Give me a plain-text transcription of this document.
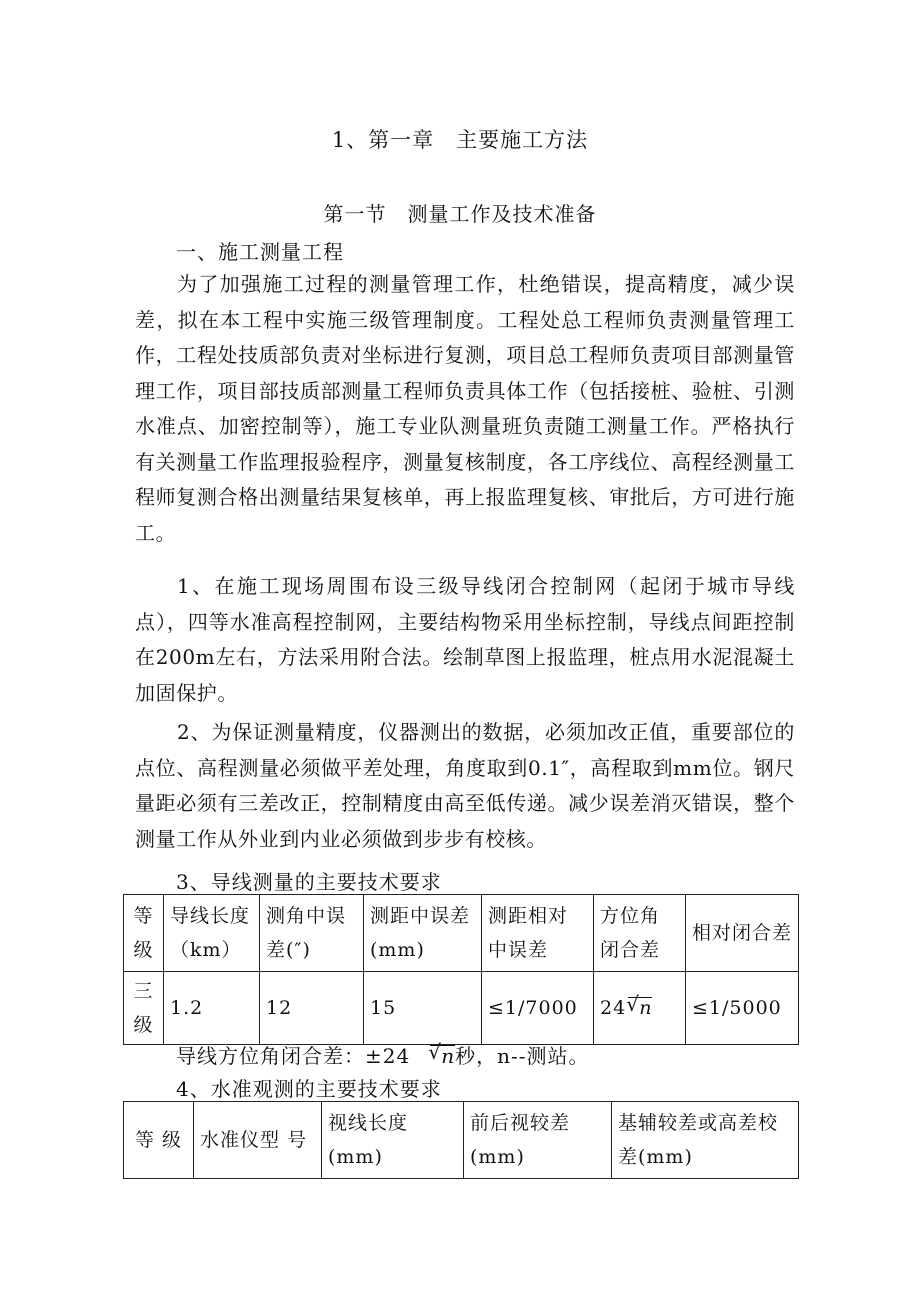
1、第一章　主要施工方法
第一节　测量工作及技术准备
一、施工测量工程

为了加强施工过程的测量管理工作，杜绝错误，提高精度，减少误差，拟在本工程中实施三级管理制度。工程处总工程师负责测量管理工作，工程处技质部负责对坐标进行复测，项目总工程师负责项目部测量管理工作，项目部技质部测量工程师负责具体工作（包括接桩、验桩、引测水准点、加密控制等），施工专业队测量班负责随工测量工作。严格执行有关测量工作监理报验程序，测量复核制度，各工序线位、高程经测量工程师复测合格出测量结果复核单，再上报监理复核、审批后，方可进行施工。

1、在施工现场周围布设三级导线闭合控制网（起闭于城市导线点），四等水准高程控制网，主要结构物采用坐标控制，导线点间距控制在200m左右，方法采用附合法。绘制草图上报监理，桩点用水泥混凝土加固保护。

2、为保证测量精度，仪器测出的数据，必须加改正值，重要部位的点位、高程测量必须做平差处理，角度取到0.1″，高程取到mm位。钢尺量距必须有三差改正，控制精度由高至低传递。减少误差消灭错误，整个测量工作从外业到内业必须做到步步有校核。

3、导线测量的主要技术要求
等级	导线长度（km）	测角中误差(″)	测距中误差(mm)	测距相对中误差	方位角闭合差	相对闭合差
三级	1.2	12	15	≤1/7000	24 √ n	≤1/5000
导线方位角闭合差：±24 √ n秒，n--测站。
4、水准观测的主要技术要求
等 级	水准仪型 号	视线长度(mm)	前后视较差(mm)	基辅较差或高差校差(mm)
